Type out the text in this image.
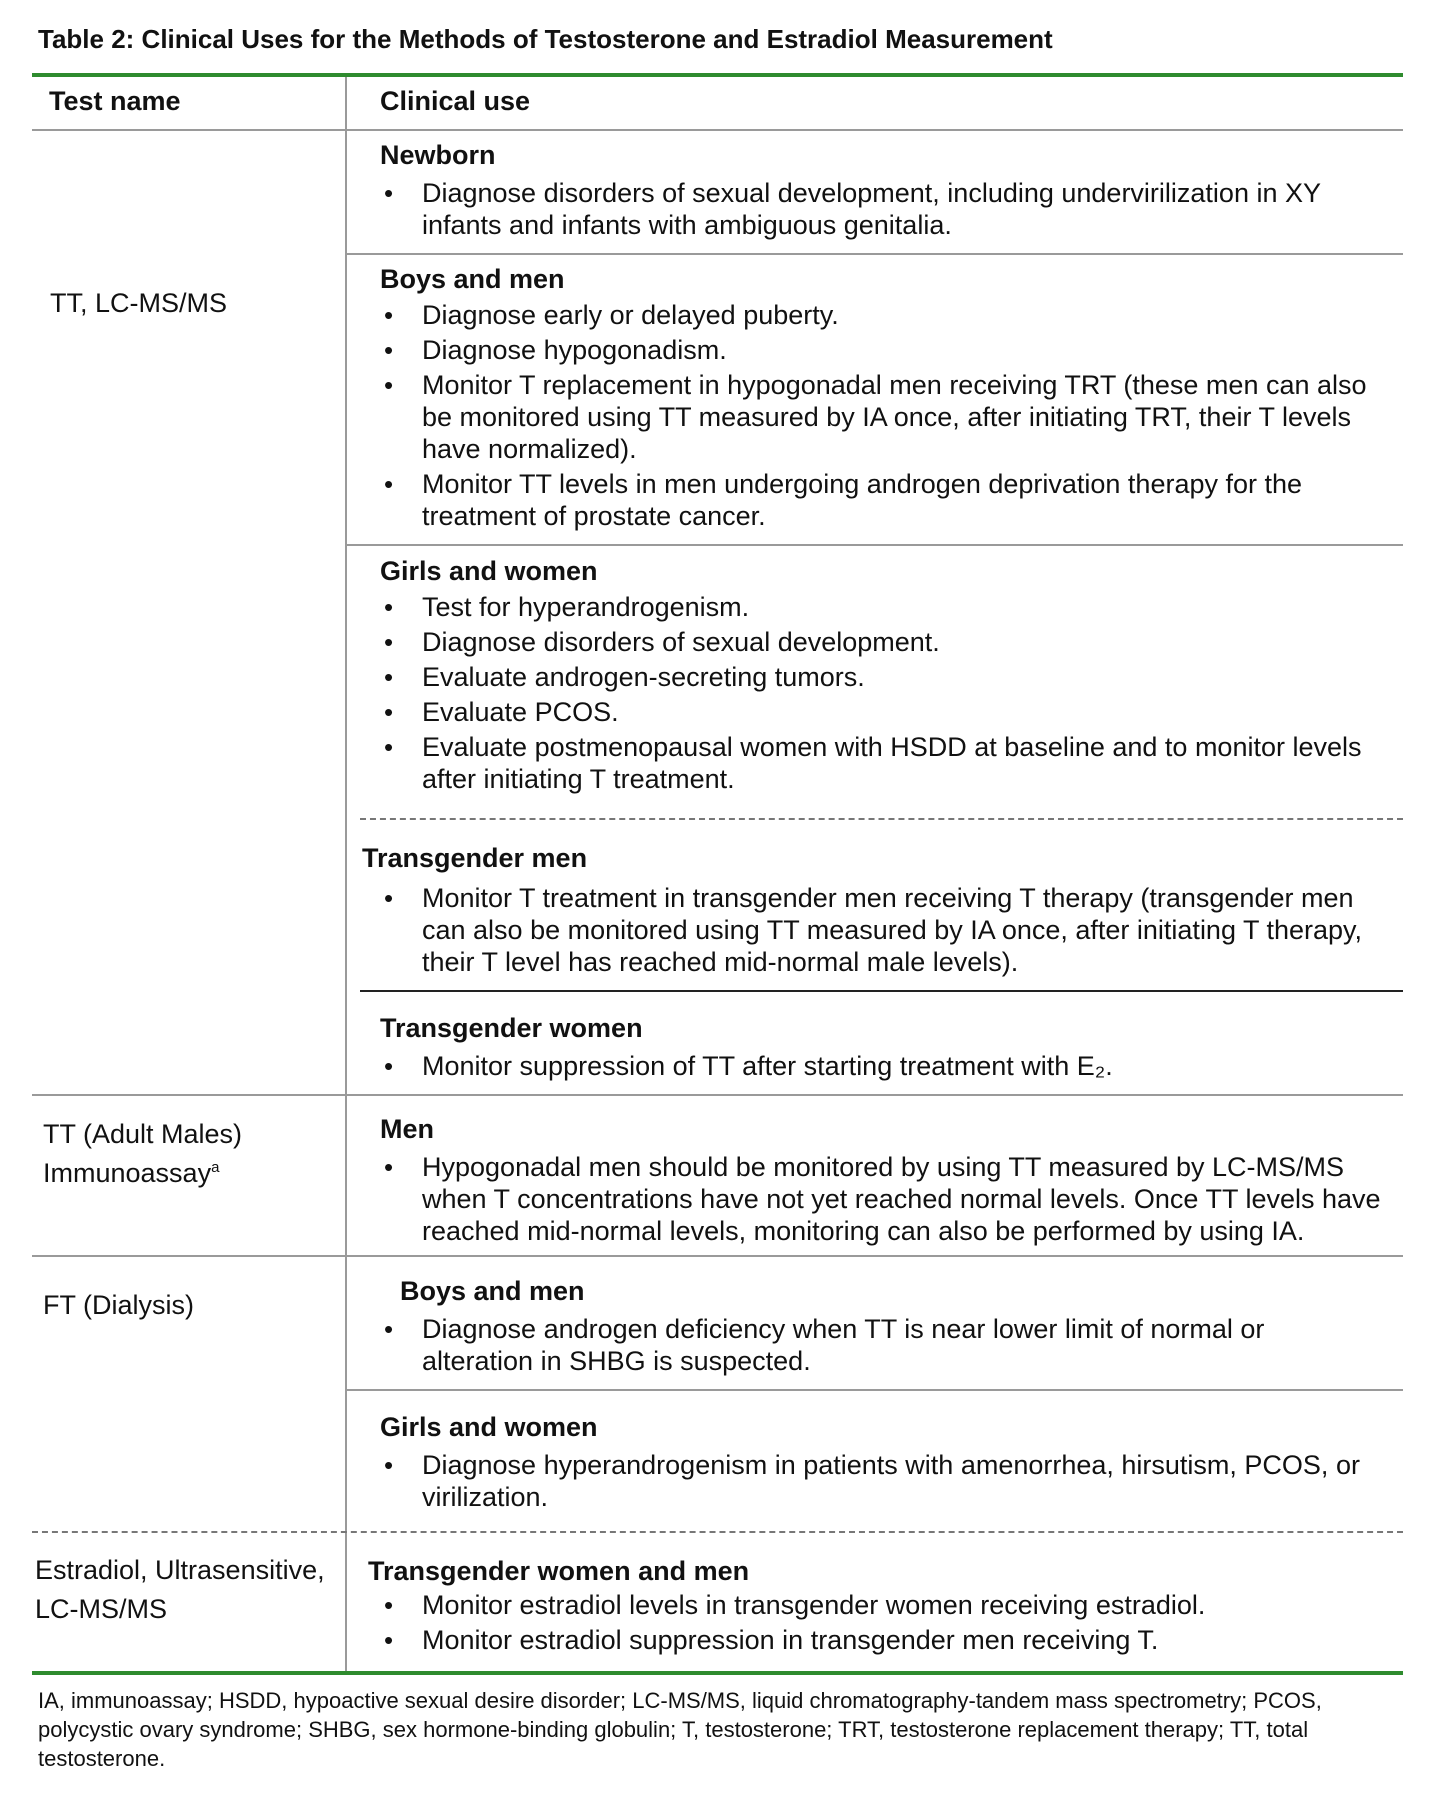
Table 2: Clinical Uses for the Methods of Testosterone and Estradiol Measurement
Test name	Clinical use
TT, LC-MS/MS
TT (Adult Males)
Immunoassay$^a$
FT (Dialysis)
Estradiol, Ultrasensitive,
LC-MS/MS
Newborn
• Diagnose disorders of sexual development, including undervirilization in XY infants and infants with ambiguous genitalia.
Boys and men
• Diagnose early or delayed puberty.
• Diagnose hypogonadism.
• Monitor T replacement in hypogonadal men receiving TRT (these men can also be monitored using TT measured by IA once, after initiating TRT, their T levels have normalized).
• Monitor TT levels in men undergoing androgen deprivation therapy for the treatment of prostate cancer.
Girls and women
• Test for hyperandrogenism.
• Diagnose disorders of sexual development.
• Evaluate androgen-secreting tumors.
• Evaluate PCOS.
• Evaluate postmenopausal women with HSDD at baseline and to monitor levels after initiating T treatment.
Transgender men
• Monitor T treatment in transgender men receiving T therapy (transgender men can also be monitored using TT measured by IA once, after initiating T therapy, their T level has reached mid-normal male levels).
Transgender women
• Monitor suppression of TT after starting treatment with E₂.
Men
• Hypogonadal men should be monitored by using TT measured by LC-MS/MS when T concentrations have not yet reached normal levels. Once TT levels have reached mid-normal levels, monitoring can also be performed by using IA.
Boys and men
• Diagnose androgen deficiency when TT is near lower limit of normal or alteration in SHBG is suspected.
Girls and women
• Diagnose hyperandrogenism in patients with amenorrhea, hirsutism, PCOS, or virilization.
Transgender women and men
• Monitor estradiol levels in transgender women receiving estradiol.
• Monitor estradiol suppression in transgender men receiving T.
IA, immunoassay; HSDD, hypoactive sexual desire disorder; LC-MS/MS, liquid chromatography-tandem mass spectrometry; PCOS, polycystic ovary syndrome; SHBG, sex hormone-binding globulin; T, testosterone; TRT, testosterone replacement therapy; TT, total testosterone.
